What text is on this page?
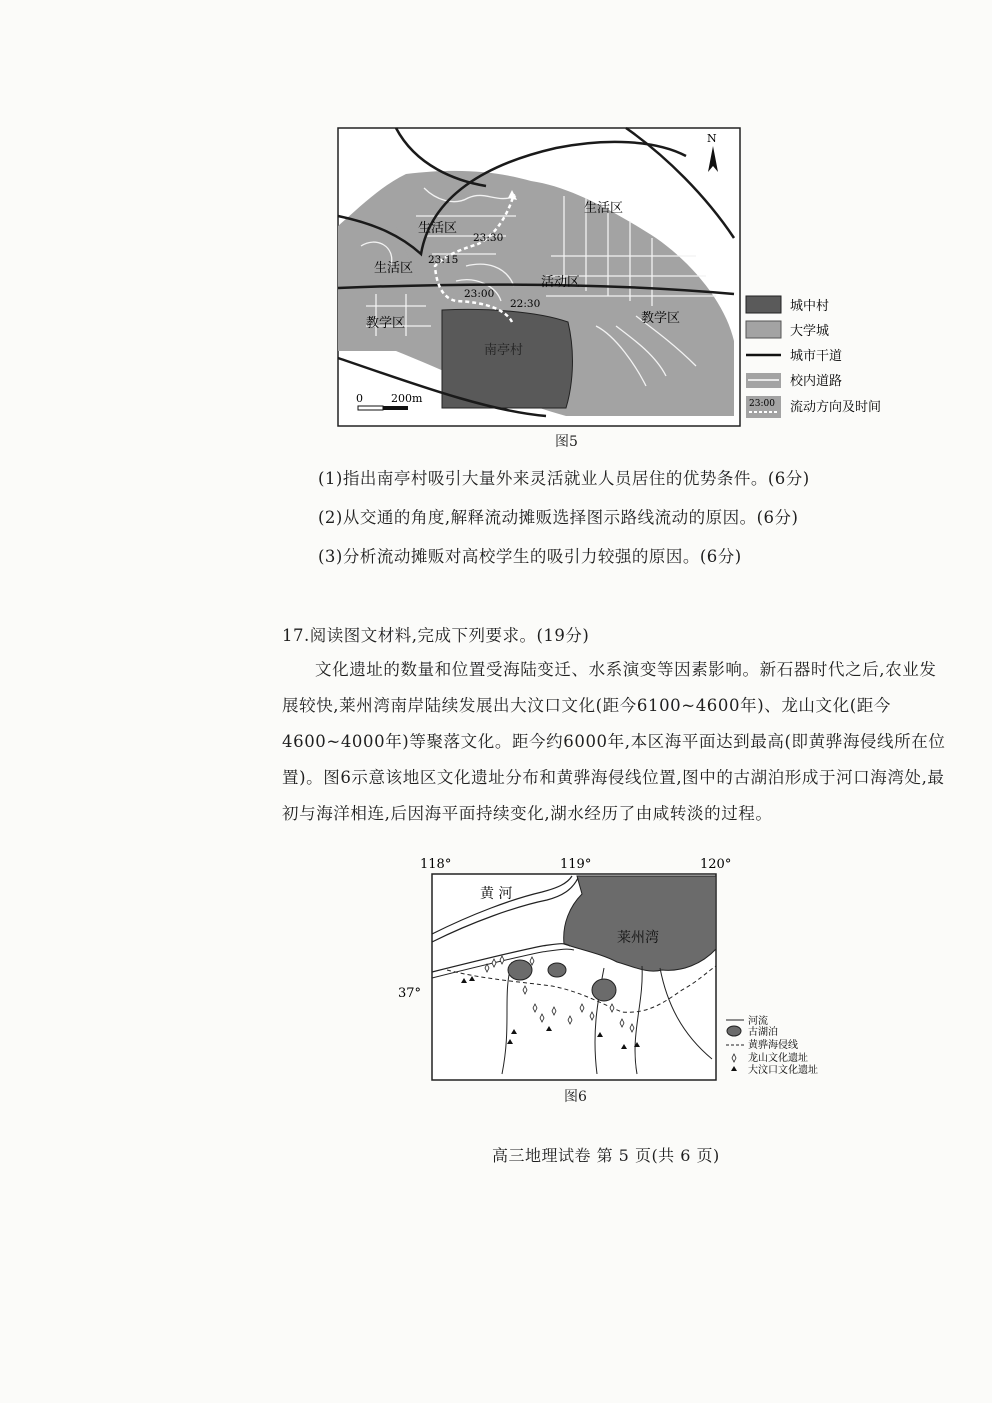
N
生活区
生活区
生活区
活动区
教学区	教学区
南亭村
22:30
23:00
23:15
23:30
0	200m
城中村
大学城
城市干道
校内道路
23:00 流动方向及时间
图5
(1)指出南亭村吸引大量外来灵活就业人员居住的优势条件。(6分)
(2)从交通的角度,解释流动摊贩选择图示路线流动的原因。(6分)
(3)分析流动摊贩对高校学生的吸引力较强的原因。(6分)
17.阅读图文材料,完成下列要求。(19分)
文化遗址的数量和位置受海陆变迁、水系演变等因素影响。新石器时代之后,农业发展较快,莱州湾南岸陆续发展出大汶口文化(距今6100~4600年)、龙山文化(距今4600~4000年)等聚落文化。距今约6000年,本区海平面达到最高(即黄骅海侵线所在位置)。图6示意该地区文化遗址分布和黄骅海侵线位置,图中的古湖泊形成于河口海湾处,最初与海洋相连,后因海平面持续变化,湖水经历了由咸转淡的过程。
118°	119°	120°
37°
黄 河
莱州湾
河流
古湖泊
黄骅海侵线
龙山文化遗址
大汶口文化遗址
图6
高三地理试卷 第 5 页(共 6 页)
